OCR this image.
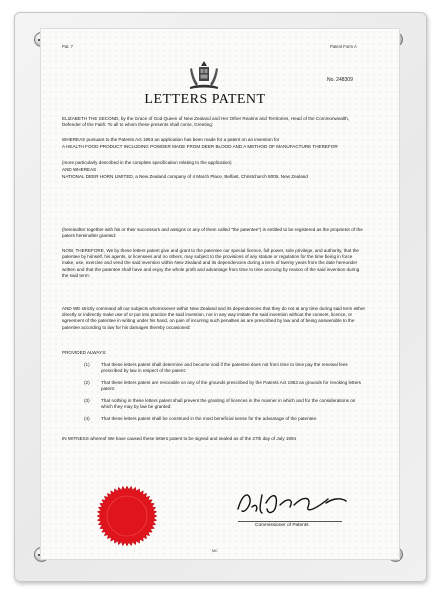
Pat. 7	Patent Form A
No. 248309
LETTERS PATENT
ELIZABETH THE SECOND, by the Grace of God Queen of New Zealand and Her Other Realms and Territories, Head of the Commonwealth, Defender of the Faith: To all to whom these presents shall come, Greeting:
WHEREAS pursuant to the Patents Act 1953 an application has been made for a patent on an invention for
A HEALTH FOOD PRODUCT INCLUDING POWDER MADE FROM DEER BLOOD AND A METHOD OF MANUFACTURE THEREFOR
(more particularly described in the complete specification relating to the application)
AND WHEREAS
NATIONAL DEER HORN LIMITED, a New Zealand company of 4 March Place, Belfast, Christchurch 8005, New Zealand
(hereinafter together with his or their successors and assigns or any of them called "the patentee") is entitled to be registered as the proprietor of the patent hereinafter granted:
NOW, THEREFORE, We by these letters patent give and grant to the patentee our special licence, full power, sole privilege, and authority, that the patentee by himself, his agents, or licensees and no others, may subject to the provisions of any statute or regulation for the time being in force make, use, exercise and vend the said invention within New Zealand and its dependencies during a term of twenty years from the date hereunder written and that the patentee shall have and enjoy the whole profit and advantage from time to time accruing by reason of the said invention during the said term:
AND WE strictly command all our subjects whomsoever within New Zealand and its dependencies that they do not at any time during said term either directly or indirectly make use of or put into practice the said invention, nor in any way imitate the said invention without the consent, licence, or agreement of the patentee in writing under his hand, on pain of incurring such penalties as are prescribed by law and of being answerable to the patentee according to law for his damages thereby occasioned:
PROVIDED ALWAYS:
(1) That these letters patent shall determine and become void if the patentee does not from time to time pay the renewal fees prescribed by law in respect of the patent:
(2) That these letters patent are revocable on any of the grounds prescribed by the Patents Act 1953 as grounds for revoking letters patent:
(3) That nothing in these letters patent shall prevent the granting of licences in the manner in which and for the considerations on which they may by law be granted:
(4) That these letters patent shall be construed in the most beneficial sense for the advantage of the patentee.
IN WITNESS whereof We have caused these letters patent to be signed and sealed as of the 27th day of July 1994
Commissioner of Patents
MC
